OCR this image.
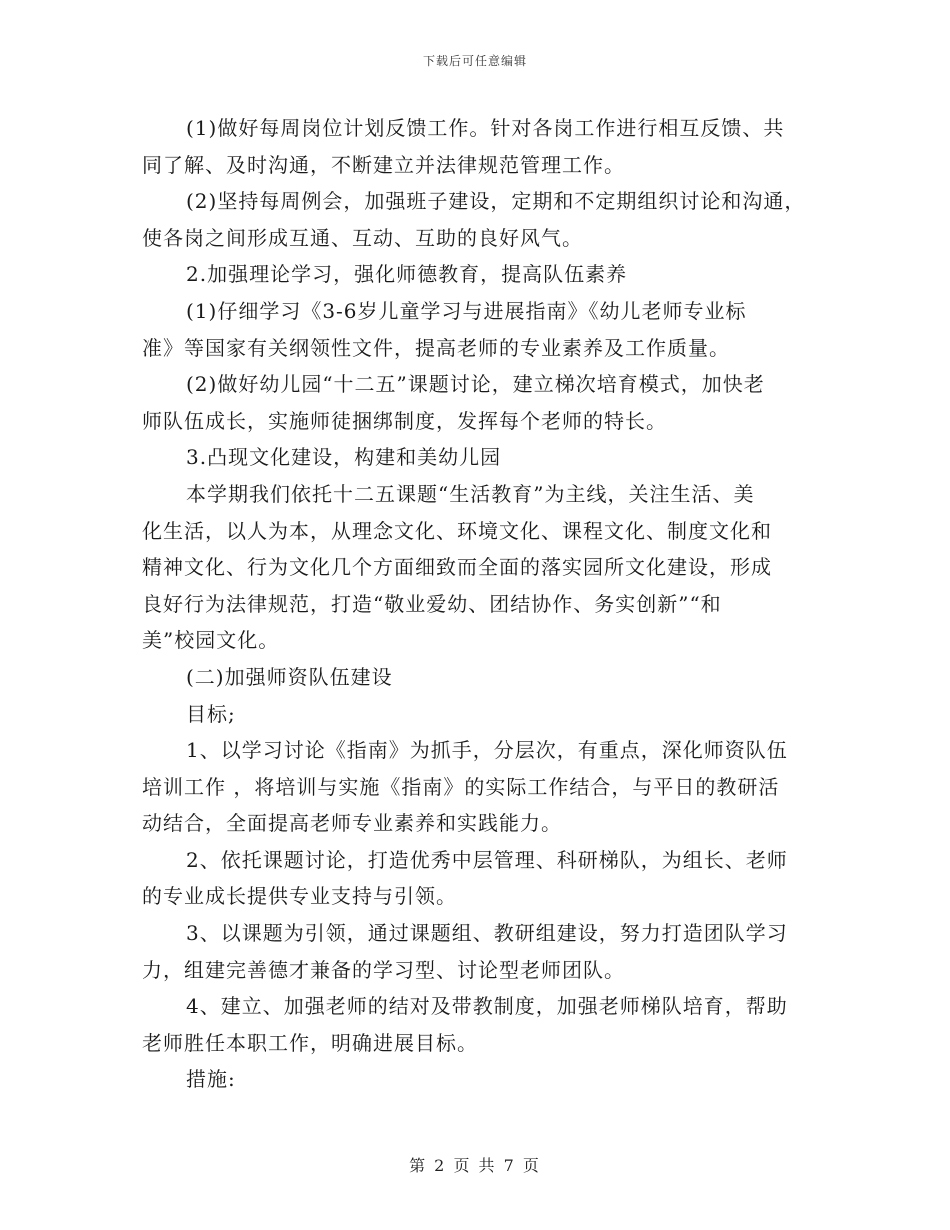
下载后可任意编辑
(1)做好每周岗位计划反馈工作。针对各岗工作进行相互反馈、共
同了解、及时沟通，不断建立并法律规范管理工作。
(2)坚持每周例会，加强班子建设，定期和不定期组织讨论和沟通，
使各岗之间形成互通、互动、互助的良好风气。
2.加强理论学习，强化师德教育，提高队伍素养
(1)仔细学习《3-6岁儿童学习与进展指南》《幼儿老师专业标
准》等国家有关纲领性文件，提高老师的专业素养及工作质量。
(2)做好幼儿园“十二五”课题讨论，建立梯次培育模式，加快老
师队伍成长，实施师徒捆绑制度，发挥每个老师的特长。
3.凸现文化建设，构建和美幼儿园
本学期我们依托十二五课题“生活教育”为主线，关注生活、美
化生活，以人为本，从理念文化、环境文化、课程文化、制度文化和
精神文化、行为文化几个方面细致而全面的落实园所文化建设，形成
良好行为法律规范，打造“敬业爱幼、团结协作、务实创新”“和
美”校园文化。
(二)加强师资队伍建设
目标;
1、以学习讨论《指南》为抓手，分层次，有重点，深化师资队伍
培训工作 ，将培训与实施《指南》的实际工作结合，与平日的教研活
动结合，全面提高老师专业素养和实践能力。
2、依托课题讨论，打造优秀中层管理、科研梯队，为组长、老师
的专业成长提供专业支持与引领。
3、以课题为引领，通过课题组、教研组建设，努力打造团队学习
力，组建完善德才兼备的学习型、讨论型老师团队。
4、建立、加强老师的结对及带教制度，加强老师梯队培育，帮助
老师胜任本职工作，明确进展目标。
措施:
第 2 页 共 7 页
